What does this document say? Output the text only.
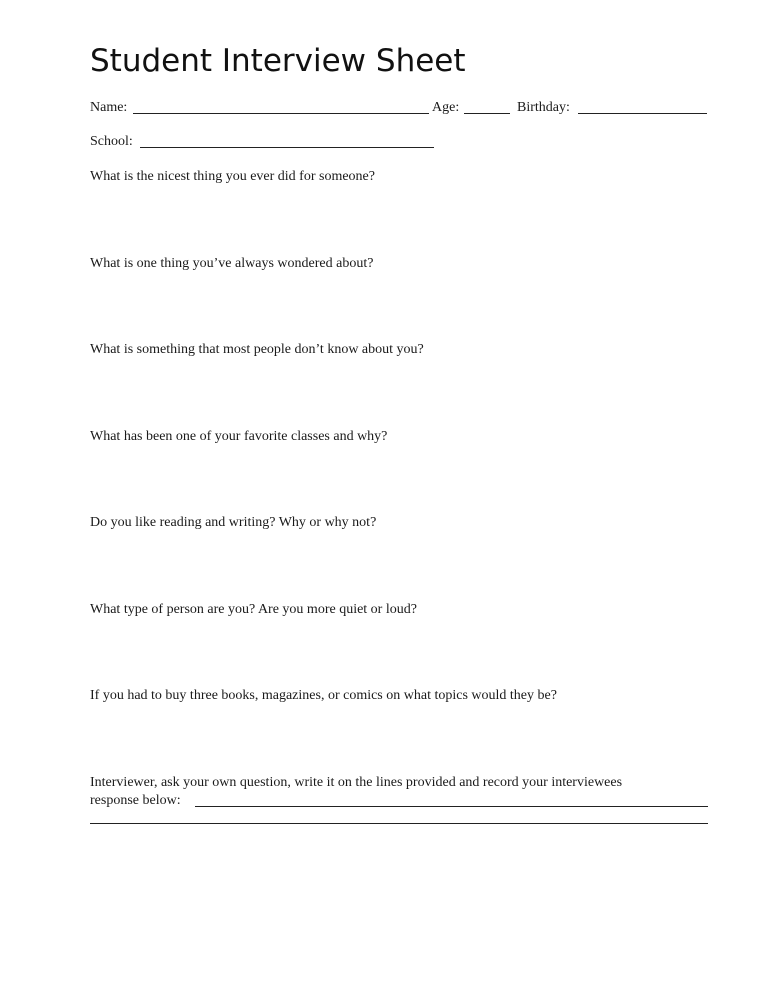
Student Interview Sheet
Name:	Age:	Birthday:
School:
What is the nicest thing you ever did for someone?
What is one thing you’ve always wondered about?
What is something that most people don’t know about you?
What has been one of your favorite classes and why?
Do you like reading and writing? Why or why not?
What type of person are you? Are you more quiet or loud?
If you had to buy three books, magazines, or comics on what topics would they be?
Interviewer, ask your own question, write it on the lines provided and record your interviewees
response below:
